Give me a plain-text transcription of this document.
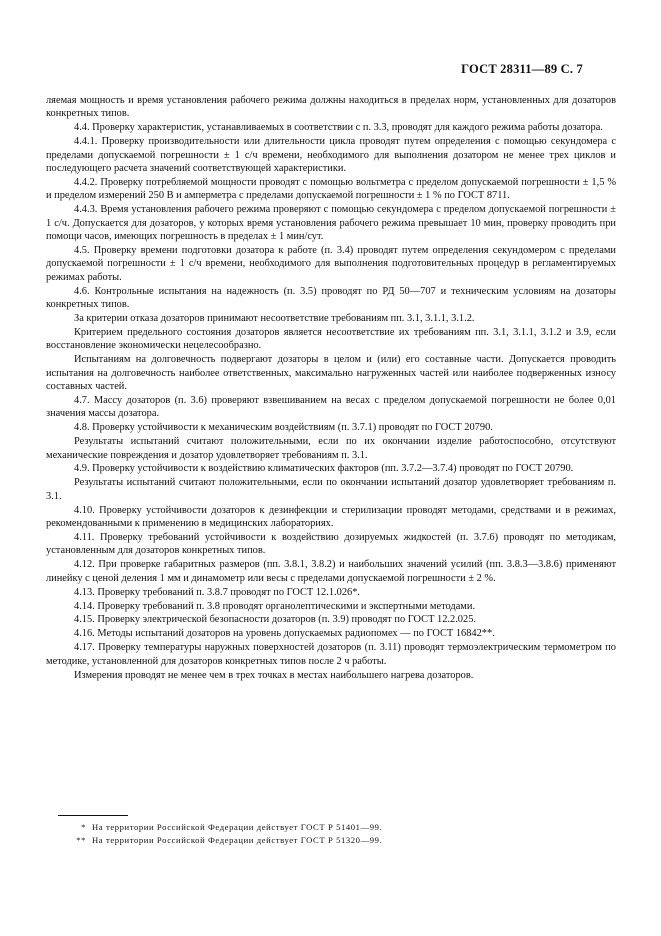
ГОСТ 28311—89 С. 7

ляемая мощность и время установления рабочего режима должны находиться в пределах норм, установленных для дозаторов конкретных типов.

4.4. Проверку характеристик, устанавливаемых в соответствии с п. 3.3, проводят для каждого режима работы дозатора.

4.4.1. Проверку производительности или длительности цикла проводят путем определения с помощью секундомера с пределами допускаемой погрешности ± 1 с/ч времени, необходимого для выполнения дозатором не менее трех циклов и последующего расчета значений соответствующей характеристики.

4.4.2. Проверку потребляемой мощности проводят с помощью вольтметра с пределом допускаемой погрешности ± 1,5 % и пределом измерений 250 В и амперметра с пределами допускаемой погрешности ± 1 % по ГОСТ 8711.

4.4.3. Время установления рабочего режима проверяют с помощью секундомера с пределом допускаемой погрешности ± 1 с/ч. Допускается для дозаторов, у которых время установления рабочего режима превышает 10 мин, проверку проводить при помощи часов, имеющих погрешность в пределах ± 1 мин/сут.

4.5. Проверку времени подготовки дозатора к работе (п. 3.4) проводят путем определения секундомером с пределами допускаемой погрешности ± 1 с/ч времени, необходимого для выполнения подготовительных процедур в регламентируемых режимах работы.

4.6. Контрольные испытания на надежность (п. 3.5) проводят по РД 50—707 и техническим условиям на дозаторы конкретных типов.

За критерии отказа дозаторов принимают несоответствие требованиям пп. 3.1, 3.1.1, 3.1.2.

Критерием предельного состояния дозаторов является несоответствие их требованиям пп. 3.1, 3.1.1, 3.1.2 и 3.9, если восстановление экономически нецелесообразно.

Испытаниям на долговечность подвергают дозаторы в целом и (или) его составные части. Допускается проводить испытания на долговечность наиболее ответственных, максимально нагруженных частей или наиболее подверженных износу составных частей.

4.7. Массу дозаторов (п. 3.6) проверяют взвешиванием на весах с пределом допускаемой погрешности не более 0,01 значения массы дозатора.

4.8. Проверку устойчивости к механическим воздействиям (п. 3.7.1) проводят по ГОСТ 20790.

Результаты испытаний считают положительными, если по их окончании изделие работоспособно, отсутствуют механические повреждения и дозатор удовлетворяет требованиям п. 3.1.

4.9. Проверку устойчивости к воздействию климатических факторов (пп. 3.7.2—3.7.4) проводят по ГОСТ 20790.

Результаты испытаний считают положительными, если по окончании испытаний дозатор удовлетворяет требованиям п. 3.1.

4.10. Проверку устойчивости дозаторов к дезинфекции и стерилизации проводят методами, средствами и в режимах, рекомендованными к применению в медицинских лабораториях.

4.11. Проверку требований устойчивости к воздействию дозируемых жидкостей (п. 3.7.6) проводят по методикам, установленным для дозаторов конкретных типов.

4.12. При проверке габаритных размеров (пп. 3.8.1, 3.8.2) и наибольших значений усилий (пп. 3.8.3—3.8.6) применяют линейку с ценой деления 1 мм и динамометр или весы с пределами допускаемой погрешности ± 2 %.

4.13. Проверку требований п. 3.8.7 проводят по ГОСТ 12.1.026*.

4.14. Проверку требований п. 3.8 проводят органолептическими и экспертными методами.

4.15. Проверку электрической безопасности дозаторов (п. 3.9) проводят по ГОСТ 12.2.025.

4.16. Методы испытаний дозаторов на уровень допускаемых радиопомех — по ГОСТ 16842**.

4.17. Проверку температуры наружных поверхностей дозаторов (п. 3.11) проводят термоэлектрическим термометром по методике, установленной для дозаторов конкретных типов после 2 ч работы.

Измерения проводят не менее чем в трех точках в местах наибольшего нагрева дозаторов.

* На территории Российской Федерации действует ГОСТ Р 51401—99.
** На территории Российской Федерации действует ГОСТ Р 51320—99.
